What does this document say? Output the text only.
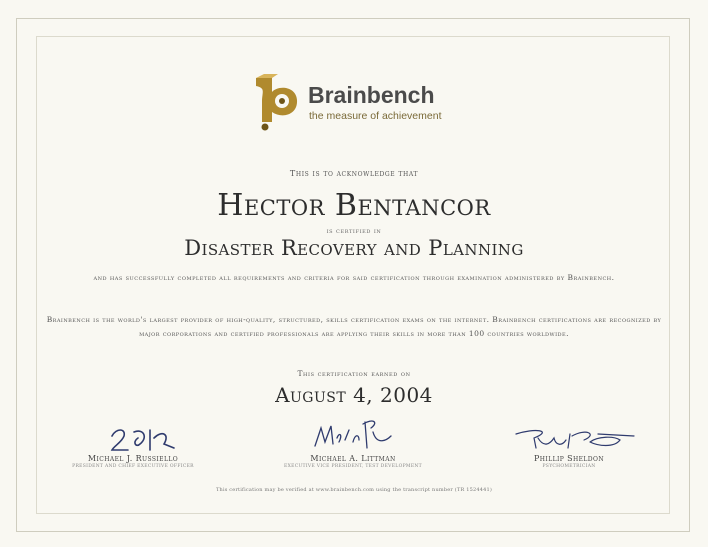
Brainbench
the measure of achievement
This is to acknowledge that
Hector Bentancor
is certified in
Disaster Recovery and Planning
and has successfully completed all requirements and criteria for said certification through examination administered by Brainbench.
Brainbench is the world's largest provider of high-quality, structured, skills certification exams on the internet. Brainbench certifications are recognized by major corporations and certified professionals are applying their skills in more than 100 countries worldwide.
This certification earned on
August 4, 2004
Michael J. Russiello
PRESIDENT AND CHIEF EXECUTIVE OFFICER
Michael A. Littman
EXECUTIVE VICE PRESIDENT, TEST DEVELOPMENT
Phillip Sheldon
PSYCHOMETRICIAN
This certification may be verified at www.brainbench.com using the transcript number (TR 1524441)
